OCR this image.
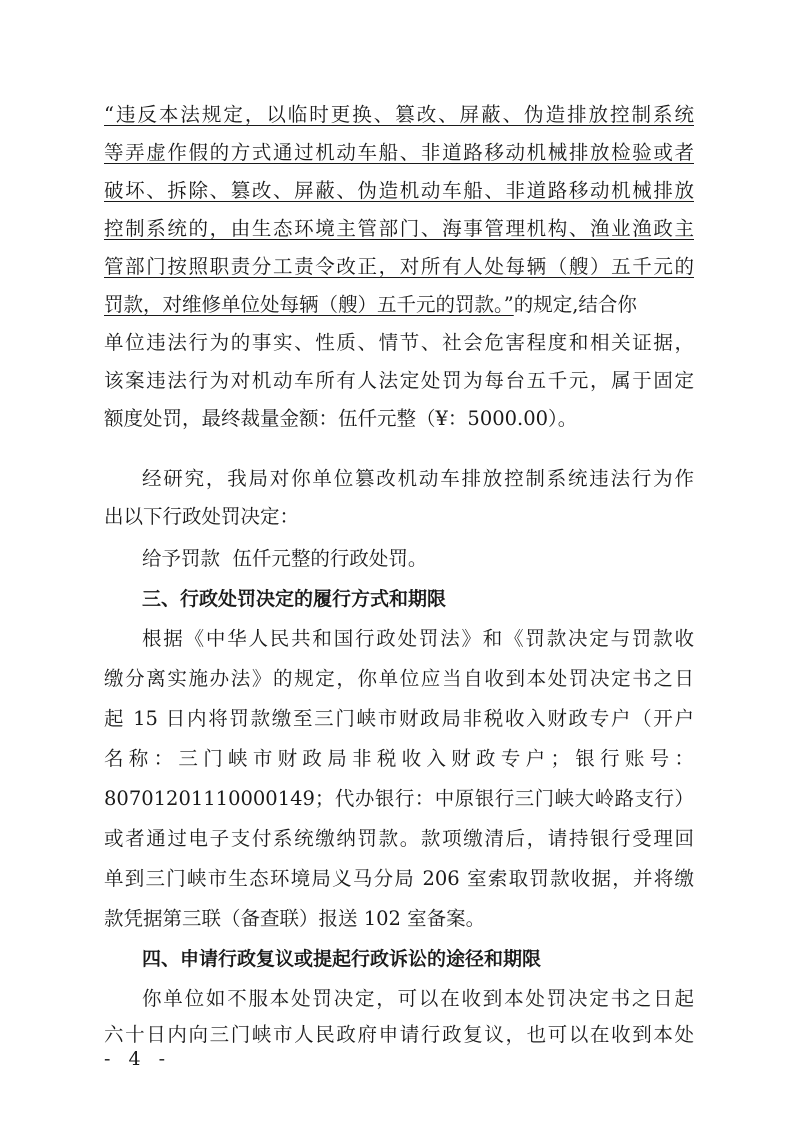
“违反本法规定，以临时更换、篡改、屏蔽、伪造排放控制系统
等弄虚作假的方式通过机动车船、非道路移动机械排放检验或者
破坏、拆除、篡改、屏蔽、伪造机动车船、非道路移动机械排放
控制系统的，由生态环境主管部门、海事管理机构、渔业渔政主
管部门按照职责分工责令改正，对所有人处每辆（艘）五千元的
罚款，对维修单位处每辆（艘）五千元的罚款。”的规定,结合你
单位违法行为的事实、性质、情节、社会危害程度和相关证据，
该案违法行为对机动车所有人法定处罚为每台五千元，属于固定
额度处罚，最终裁量金额：伍仟元整（¥：5000.00）。
经研究，我局对你单位篡改机动车排放控制系统违法行为作
出以下行政处罚决定：
给予罚款  伍仟元整的行政处罚。
三、行政处罚决定的履行方式和期限
根据《中华人民共和国行政处罚法》和《罚款决定与罚款收
缴分离实施办法》的规定，你单位应当自收到本处罚决定书之日
起 15 日内将罚款缴至三门峡市财政局非税收入财政专户（开户
名称：三门峡市财政局非税收入财政专户；银行账号：
80701201110000149；代办银行：中原银行三门峡大岭路支行）
或者通过电子支付系统缴纳罚款。款项缴清后，请持银行受理回
单到三门峡市生态环境局义马分局 206 室索取罚款收据，并将缴
款凭据第三联（备查联）报送 102 室备案。
四、申请行政复议或提起行政诉讼的途径和期限
你单位如不服本处罚决定，可以在收到本处罚决定书之日起
六十日内向三门峡市人民政府申请行政复议，也可以在收到本处
- 4 -
